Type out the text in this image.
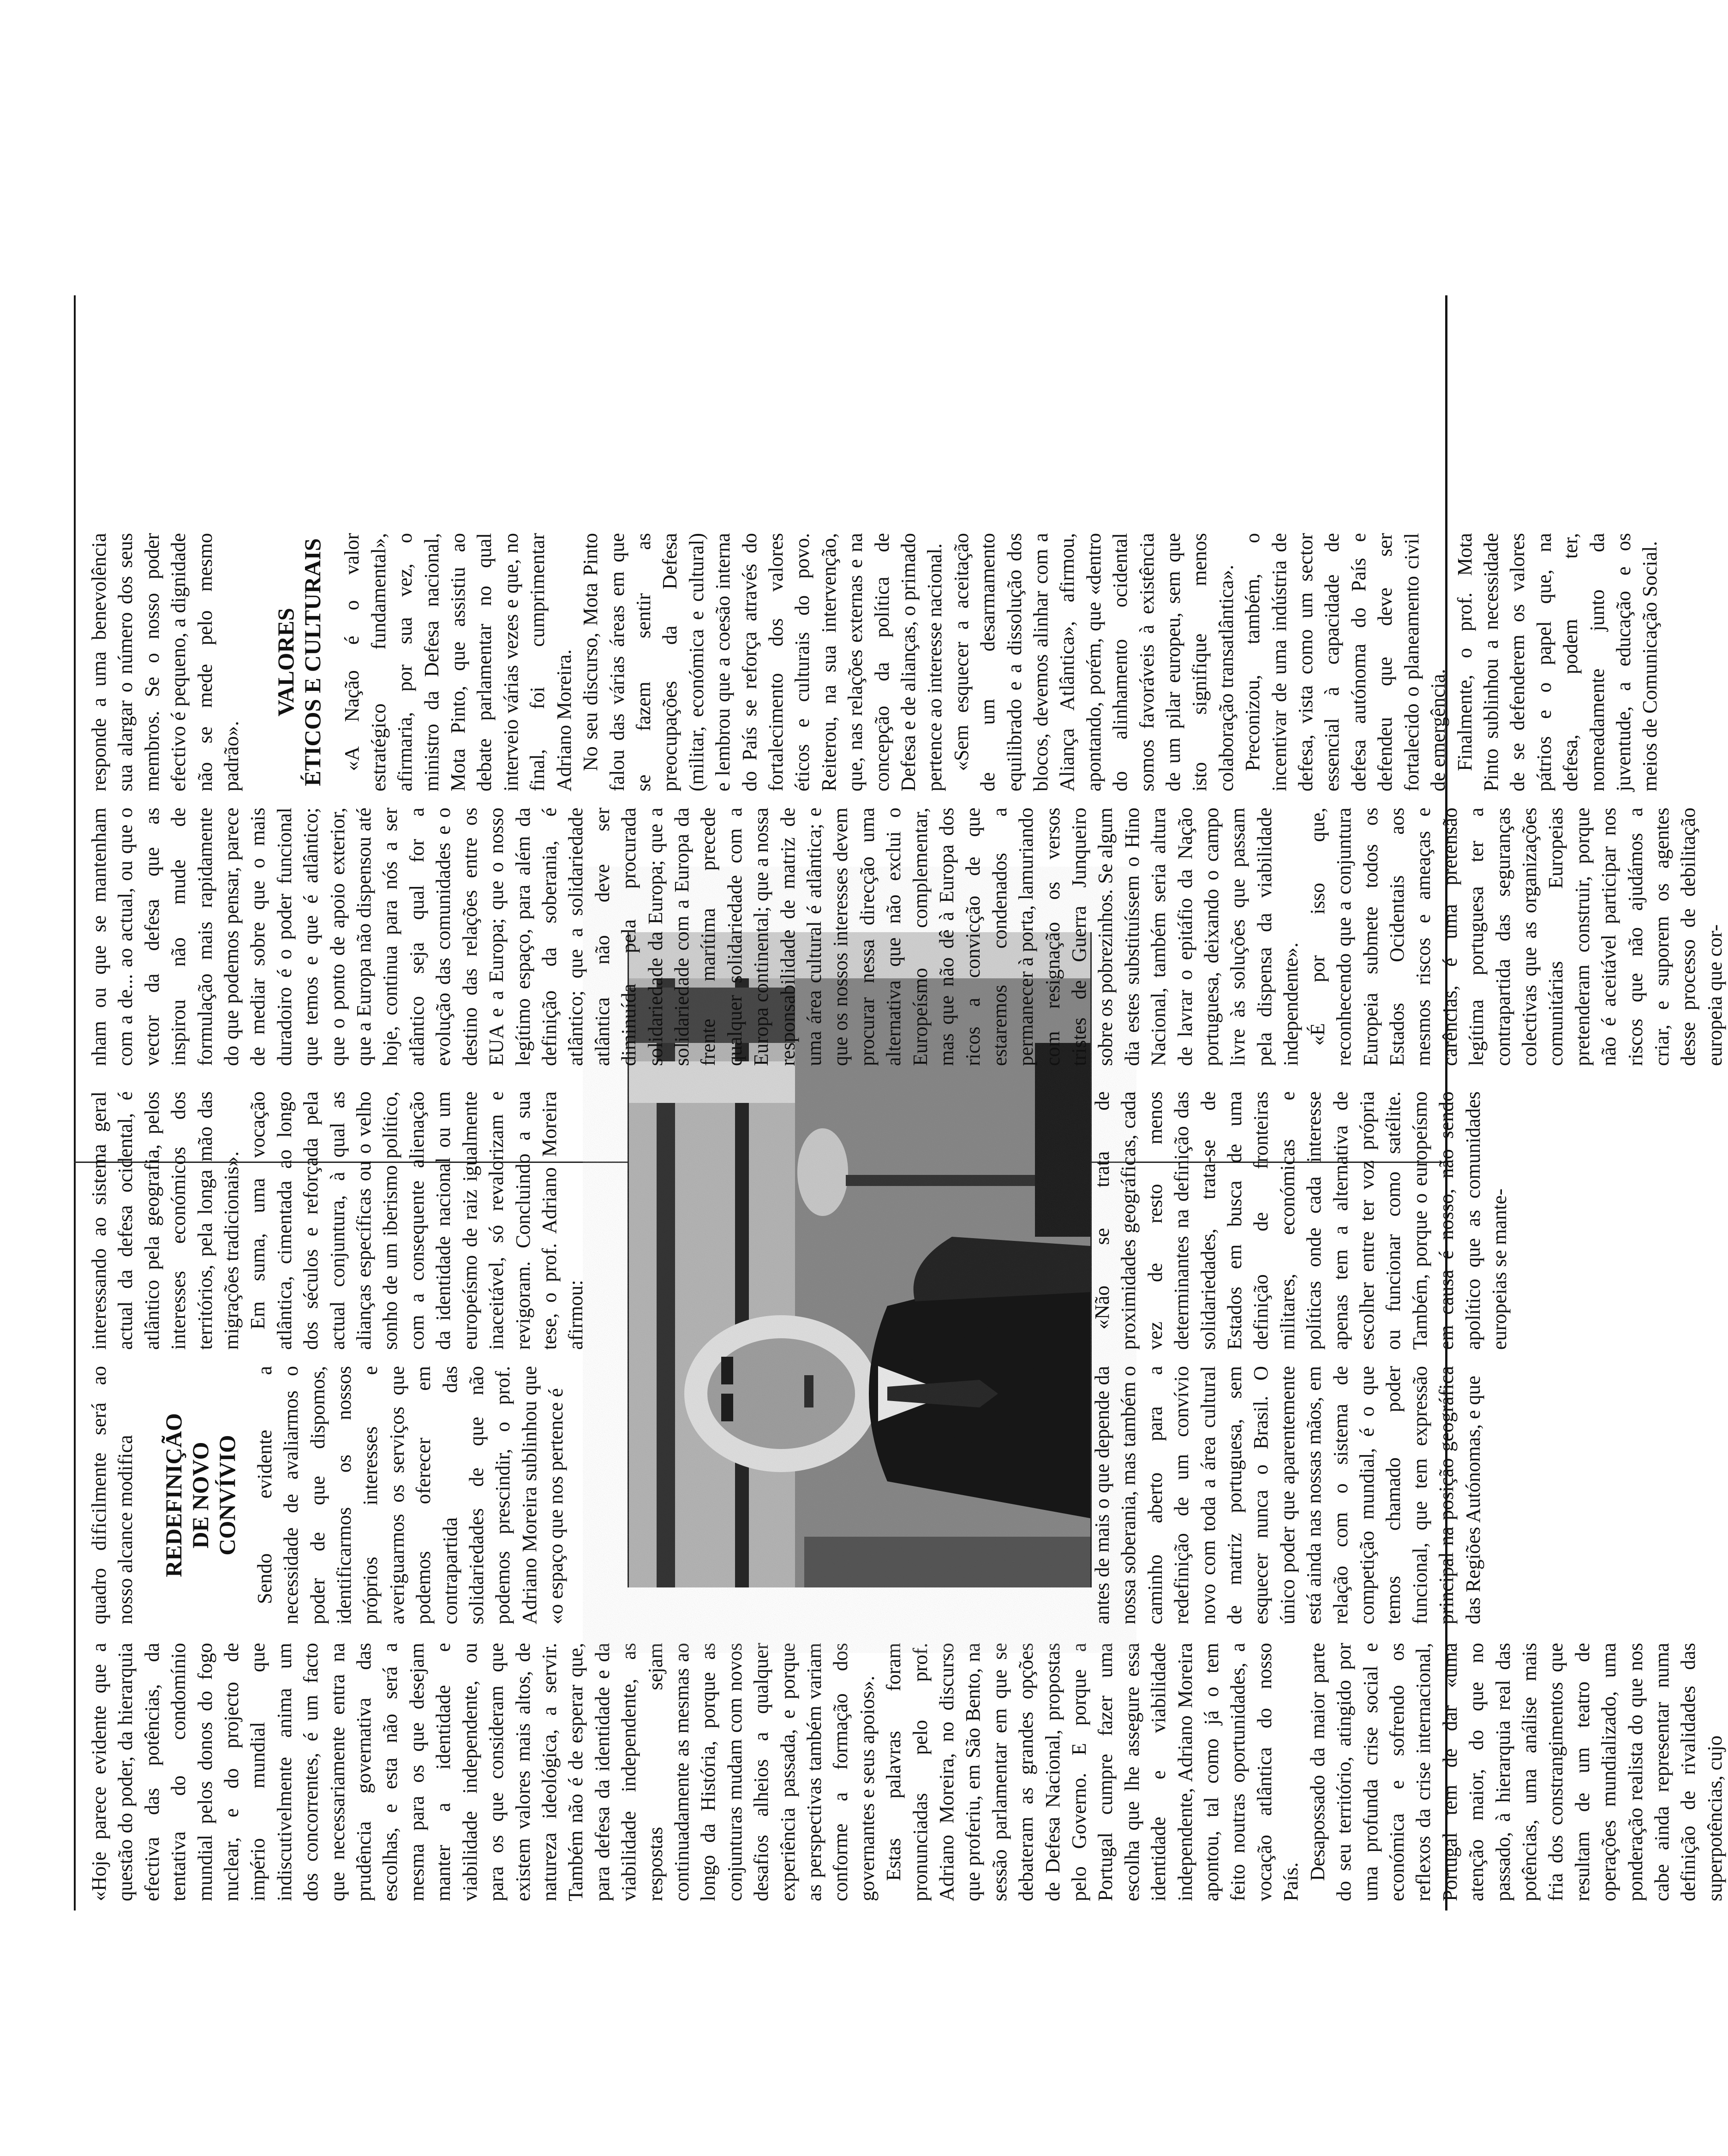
«Hoje parece evidente que a questão do poder, da hierarquia efectiva das potências, da tentativa do condomínio mundial pelos donos do fogo nuclear, e do projecto de império mundial que indiscutivelmente anima um dos concorrentes, é um facto que necessariamente entra na prudência governativa das escolhas, e esta não será a mesma para os que desejam manter a identidade e viabilidade independente, ou para os que consideram que existem valores mais altos, de natureza ideológica, a servir. Também não é de esperar que, para defesa da identidade e da viabilidade independente, as respostas sejam continuadamente as mesmas ao longo da História, porque as conjunturas mudam com novos desafios alheios a qualquer experiência passada, e porque as perspectivas também variam conforme a formação dos governantes e seus apoios». Estas palavras foram pronunciadas pelo prof. Adriano Moreira, no discurso que proferiu, em São Bento, na sessão parlamentar em que se debateram as grandes opções de Defesa Nacional, propostas pelo Governo. E porque a Portugal cumpre fazer uma escolha que lhe assegure essa identidade e viabilidade independente, Adriano Moreira apontou, tal como já o tem feito noutras oportunidades, a vocação atlântica do nosso País.

Desapossado da maior parte do seu território, atingido por uma profunda crise social e económica e sofrendo os reflexos da crise internacional, Portugal tem de dar «uma atenção maior, do que no passado, à hierarquia real das potências, uma análise mais fria dos constrangimentos que resultam de um teatro de operações mundializado, uma ponderação realista do que nos cabe ainda representar numa definição de rivalidades das superpotências, cujo

quadro dificilmente será ao nosso alcance modifica REDEFINIÇÃO DE NOVO CONVÍVIO Sendo evidente a necessidade de avaliarmos o poder de que dispomos, identificarmos os nossos próprios interesses e averiguarmos os serviços que podemos oferecer em contrapartida das solidariedades de que não podemos prescindir, o prof. Adriano Moreira sublinhou que «o espaço que nos pertence é

interessando ao sistema geral actual da defesa ocidental, é atlântico pela geografia, pelos interesses económicos dos territórios, pela longa mão das migrações tradicionais». Em suma, uma vocação atlântica, cimentada ao longo dos séculos e reforçada pela actual conjuntura, à qual as alianças específicas ou o velho sonho de um iberismo político, com a consequente alienação da identidade nacional ou um europeísmo de raiz igualmente inaceitável, só revalorizam e revigoram. Concluindo a sua tese, o prof. Adriano Moreira afirmou:

antes de mais o que depende da nossa soberania, mas também o caminho aberto para a redefinição de um convívio novo com toda a área cultural de matriz portuguesa, sem esquecer nunca o Brasil. O único poder que aparentemente está ainda nas nossas mãos, em relação com o sistema de competição mundial, é o que temos chamado poder funcional, que tem expressão principal na posição geográfica das Regiões Autónomas, e que

«Não se trata de proximidades geográficas, cada vez de resto menos determinantes na definição das solidariedades, trata-se de Estados em busca de uma definição de fronteiras militares, económicas e políticas onde cada interesse apenas tem a alternativa de escolher entre ter voz própria ou funcionar como satélite. Também, porque o europeísmo em causa é nosso, não sendo apolítico que as comunidades europeias se mante-

nham ou que se mantenham com a de... ao actual, ou que o vector da defesa que as inspirou não mude de formulação mais rapidamente do que podemos pensar, parece de mediar sobre que o mais duradoiro é o poder funcional que temos e que é atlântico; que o ponto de apoio exterior, que a Europa não dispensou até hoje, continua para nós a ser atlântico seja qual for a evolução das comunidades e o destino das relações entre os EUA e a Europa; que o nosso legítimo espaço, para além da definição da soberania, é atlântico; que a solidariedade atlântica não deve ser diminuída pela procurada solidariedade da Europa; que a solidariedade com a Europa da frente marítima precede qualquer solidariedade com a Europa continental; que a nossa responsabilidade de matriz de uma área cultural é atlântica; e que os nossos interesses devem procurar nessa direcção uma alternativa que não exclui o Europeísmo complementar, mas que não dê à Europa dos ricos a convicção de que estaremos condenados a permanecer à porta, lamuriando com resignação os versos tristes de Guerra Junqueiro sobre os pobrezinhos. Se algum dia estes substituíssem o Hino Nacional, também seria altura de lavrar o epitáfio da Nação portuguesa, deixando o campo livre às soluções que passam pela dispensa da viabilidade independente». «É por isso que, reconhecendo que a conjuntura Europeia submete todos os Estados Ocidentais aos mesmos riscos e ameaças e carências, é uma pretensão legítima portuguesa ter a contrapartida das seguranças colectivas que as organizações comunitárias Europeias pretenderam construir, porque não é aceitável participar nos riscos que não ajudámos a criar, e suporem os agentes desse processo de debilitação europeia que cor-

responde a uma benevolência sua alargar o número dos seus membros. Se o nosso poder efectivo é pequeno, a dignidade não se mede pelo mesmo padrão».

VALORES ÉTICOS E CULTURAIS «A Nação é o valor estratégico fundamental», afirmaria, por sua vez, o ministro da Defesa nacional, Mota Pinto, que assistiu ao debate parlamentar no qual interveio várias vezes e que, no final, foi cumprimentar Adriano Moreira. No seu discurso, Mota Pinto falou das várias áreas em que se fazem sentir as preocupações da Defesa (militar, económica e cultural) e lembrou que a coesão interna do País se reforça através do fortalecimento dos valores éticos e culturais do povo. Reiterou, na sua intervenção, que, nas relações externas e na concepção da política de Defesa e de alianças, o primado pertence ao interesse nacional. «Sem esquecer a aceitação de um desarmamento equilibrado e a dissolução dos blocos, devemos alinhar com a Aliança Atlântica», afirmou, apontando, porém, que «dentro do alinhamento ocidental somos favoráveis à existência de um pilar europeu, sem que isto signifique menos colaboração transatlântica». Preconizou, também, o incentivar de uma indústria de defesa, vista como um sector essencial à capacidade de defesa autónoma do País e defendeu que deve ser fortalecido o planeamento civil de emergência. Finalmente, o prof. Mota Pinto sublinhou a necessidade de se defenderem os valores pátrios e o papel que, na defesa, podem ter, nomeadamente junto da juventude, a educação e os meios de Comunicação Social.
